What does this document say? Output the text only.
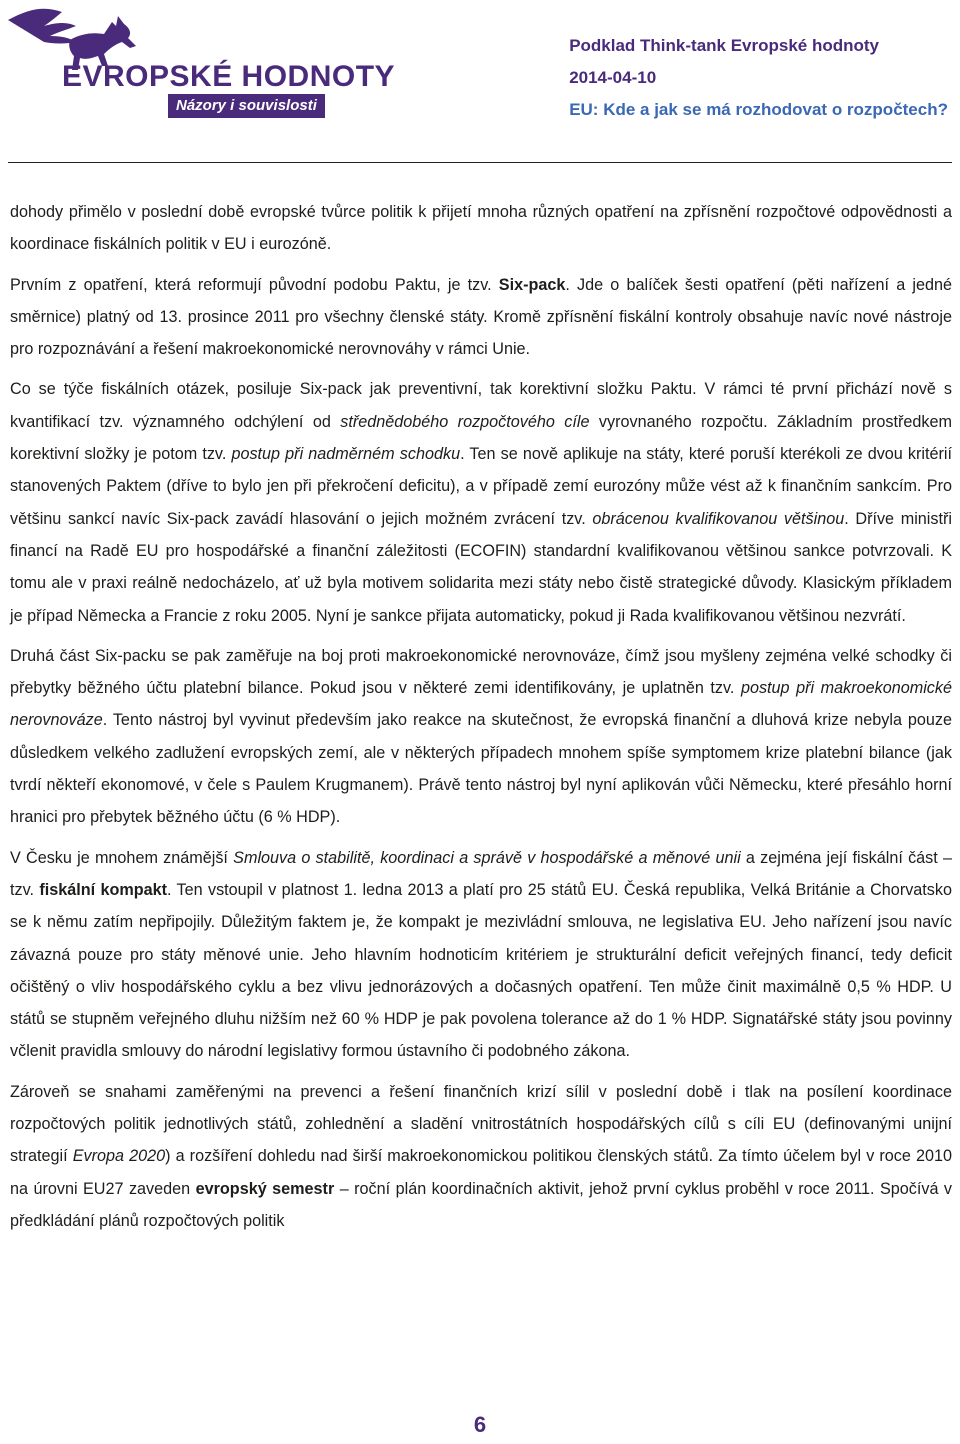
EVROPSKÉ HODNOTY
Názory i souvislosti
Podklad Think-tank Evropské hodnoty
2014-04-10
EU: Kde a jak se má rozhodovat o rozpočtech?

dohody přimělo v poslední době evropské tvůrce politik k přijetí mnoha různých opatření na zpřísnění rozpočtové odpovědnosti a koordinace fiskálních politik v EU i eurozóně.

Prvním z opatření, která reformují původní podobu Paktu, je tzv. Six-pack. Jde o balíček šesti opatření (pěti nařízení a jedné směrnice) platný od 13. prosince 2011 pro všechny členské státy. Kromě zpřísnění fiskální kontroly obsahuje navíc nové nástroje pro rozpoznávání a řešení makroekonomické nerovnováhy v rámci Unie.

Co se týče fiskálních otázek, posiluje Six-pack jak preventivní, tak korektivní složku Paktu. V rámci té první přichází nově s kvantifikací tzv. významného odchýlení od střednědobého rozpočtového cíle vyrovnaného rozpočtu. Základním prostředkem korektivní složky je potom tzv. postup při nadměrném schodku. Ten se nově aplikuje na státy, které poruší kterékoli ze dvou kritérií stanovených Paktem (dříve to bylo jen při překročení deficitu), a v případě zemí eurozóny může vést až k finančním sankcím. Pro většinu sankcí navíc Six-pack zavádí hlasování o jejich možném zvrácení tzv. obrácenou kvalifikovanou většinou. Dříve ministři financí na Radě EU pro hospodářské a finanční záležitosti (ECOFIN) standardní kvalifikovanou většinou sankce potvrzovali. K tomu ale v praxi reálně nedocházelo, ať už byla motivem solidarita mezi státy nebo čistě strategické důvody. Klasickým příkladem je případ Německa a Francie z roku 2005. Nyní je sankce přijata automaticky, pokud ji Rada kvalifikovanou většinou nezvrátí.

Druhá část Six-packu se pak zaměřuje na boj proti makroekonomické nerovnováze, čímž jsou myšleny zejména velké schodky či přebytky běžného účtu platební bilance. Pokud jsou v některé zemi identifikovány, je uplatněn tzv. postup při makroekonomické nerovnováze. Tento nástroj byl vyvinut především jako reakce na skutečnost, že evropská finanční a dluhová krize nebyla pouze důsledkem velkého zadlužení evropských zemí, ale v některých případech mnohem spíše symptomem krize platební bilance (jak tvrdí někteří ekonomové, v čele s Paulem Krugmanem). Právě tento nástroj byl nyní aplikován vůči Německu, které přesáhlo horní hranici pro přebytek běžného účtu (6 % HDP).

V Česku je mnohem známější Smlouva o stabilitě, koordinaci a správě v hospodářské a měnové unii a zejména její fiskální část – tzv. fiskální kompakt. Ten vstoupil v platnost 1. ledna 2013 a platí pro 25 států EU. Česká republika, Velká Británie a Chorvatsko se k němu zatím nepřipojily. Důležitým faktem je, že kompakt je mezivládní smlouva, ne legislativa EU. Jeho nařízení jsou navíc závazná pouze pro státy měnové unie. Jeho hlavním hodnoticím kritériem je strukturální deficit veřejných financí, tedy deficit očištěný o vliv hospodářského cyklu a bez vlivu jednorázových a dočasných opatření. Ten může činit maximálně 0,5 % HDP. U států se stupněm veřejného dluhu nižším než 60 % HDP je pak povolena tolerance až do 1 % HDP. Signatářské státy jsou povinny včlenit pravidla smlouvy do národní legislativy formou ústavního či podobného zákona.

Zároveň se snahami zaměřenými na prevenci a řešení finančních krizí sílil v poslední době i tlak na posílení koordinace rozpočtových politik jednotlivých států, zohlednění a sladění vnitrostátních hospodářských cílů s cíli EU (definovanými unijní strategií Evropa 2020) a rozšíření dohledu nad širší makroekonomickou politikou členských států. Za tímto účelem byl v roce 2010 na úrovni EU27 zaveden evropský semestr – roční plán koordinačních aktivit, jehož první cyklus proběhl v roce 2011. Spočívá v předkládání plánů rozpočtových politik

6
